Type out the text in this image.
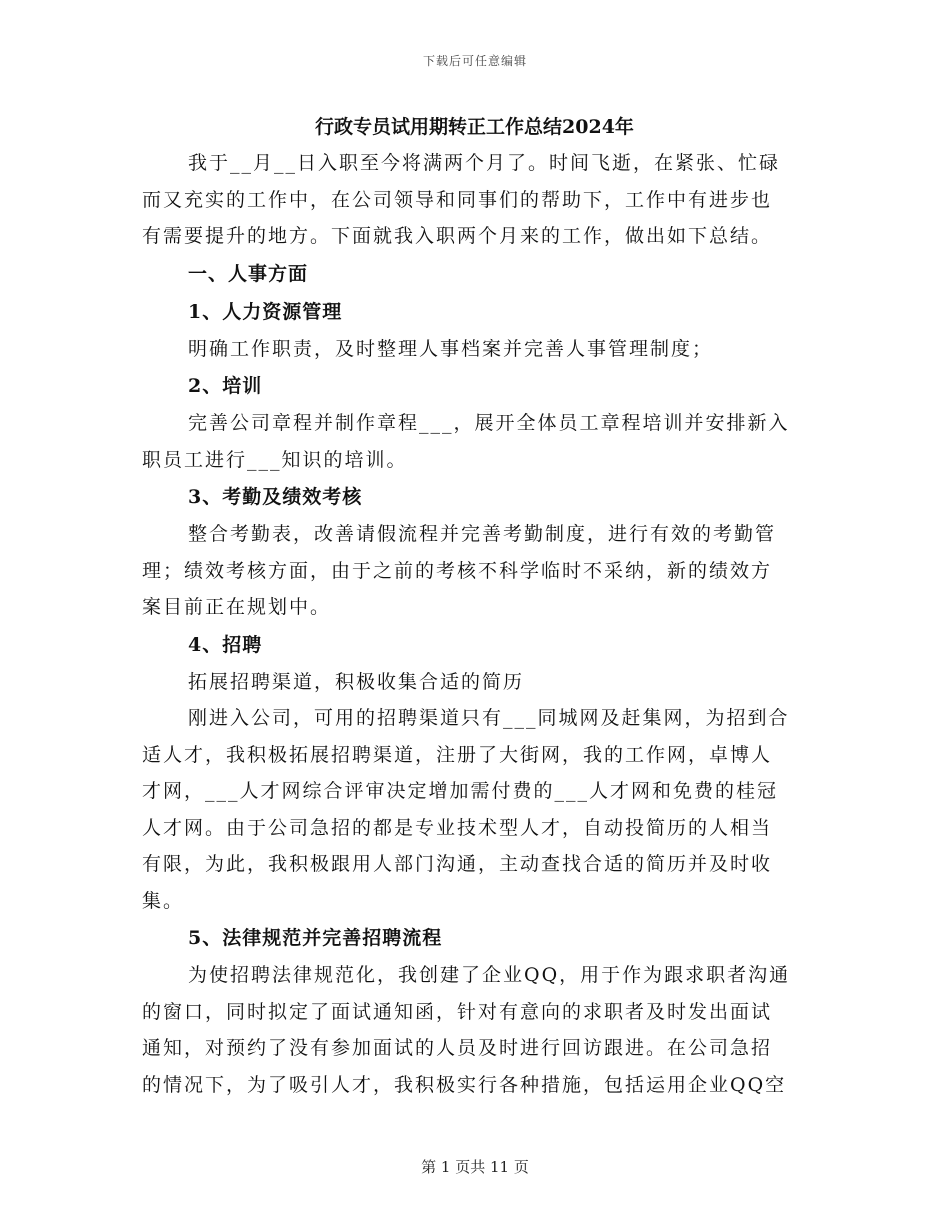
下载后可任意编辑
行政专员试用期转正工作总结2024年

我于__月__日入职至今将满两个月了。时间飞逝，在紧张、忙碌
而又充实的工作中，在公司领导和同事们的帮助下，工作中有进步也
有需要提升的地方。下面就我入职两个月来的工作，做出如下总结。

一、人事方面
1、人力资源管理

明确工作职责，及时整理人事档案并完善人事管理制度；

2、培训

完善公司章程并制作章程___，展开全体员工章程培训并安排新入
职员工进行___知识的培训。

3、考勤及绩效考核

整合考勤表，改善请假流程并完善考勤制度，进行有效的考勤管
理；绩效考核方面，由于之前的考核不科学临时不采纳，新的绩效方
案目前正在规划中。

4、招聘

拓展招聘渠道，积极收集合适的简历

刚进入公司，可用的招聘渠道只有___同城网及赶集网，为招到合
适人才，我积极拓展招聘渠道，注册了大街网，我的工作网，卓博人
才网，___人才网综合评审决定增加需付费的___人才网和免费的桂冠
人才网。由于公司急招的都是专业技术型人才，自动投简历的人相当
有限，为此，我积极跟用人部门沟通，主动查找合适的简历并及时收
集。

5、法律规范并完善招聘流程

为使招聘法律规范化，我创建了企业QQ，用于作为跟求职者沟通
的窗口，同时拟定了面试通知函，针对有意向的求职者及时发出面试
通知，对预约了没有参加面试的人员及时进行回访跟进。在公司急招
的情况下，为了吸引人才，我积极实行各种措施，包括运用企业QQ空

第 1 页共 11 页
